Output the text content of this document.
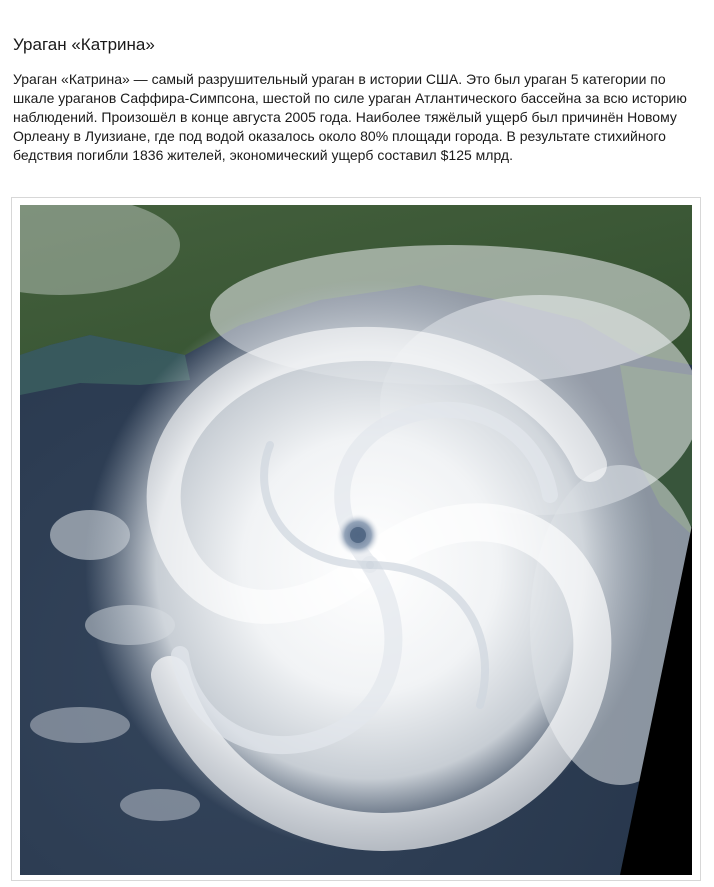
Ураган «Катрина»

Ураган «Катрина» — самый разрушительный ураган в истории США. Это был ураган 5 категории по шкале ураганов Саффира-Симпсона, шестой по силе ураган Атлантического бассейна за всю историю наблюдений. Произошёл в конце августа 2005 года. Наиболее тяжёлый ущерб был причинён Новому Орлеану в Луизиане, где под водой оказалось около 80% площади города. В результате стихийного бедствия погибли 1836 жителей, экономический ущерб составил $125 млрд.
